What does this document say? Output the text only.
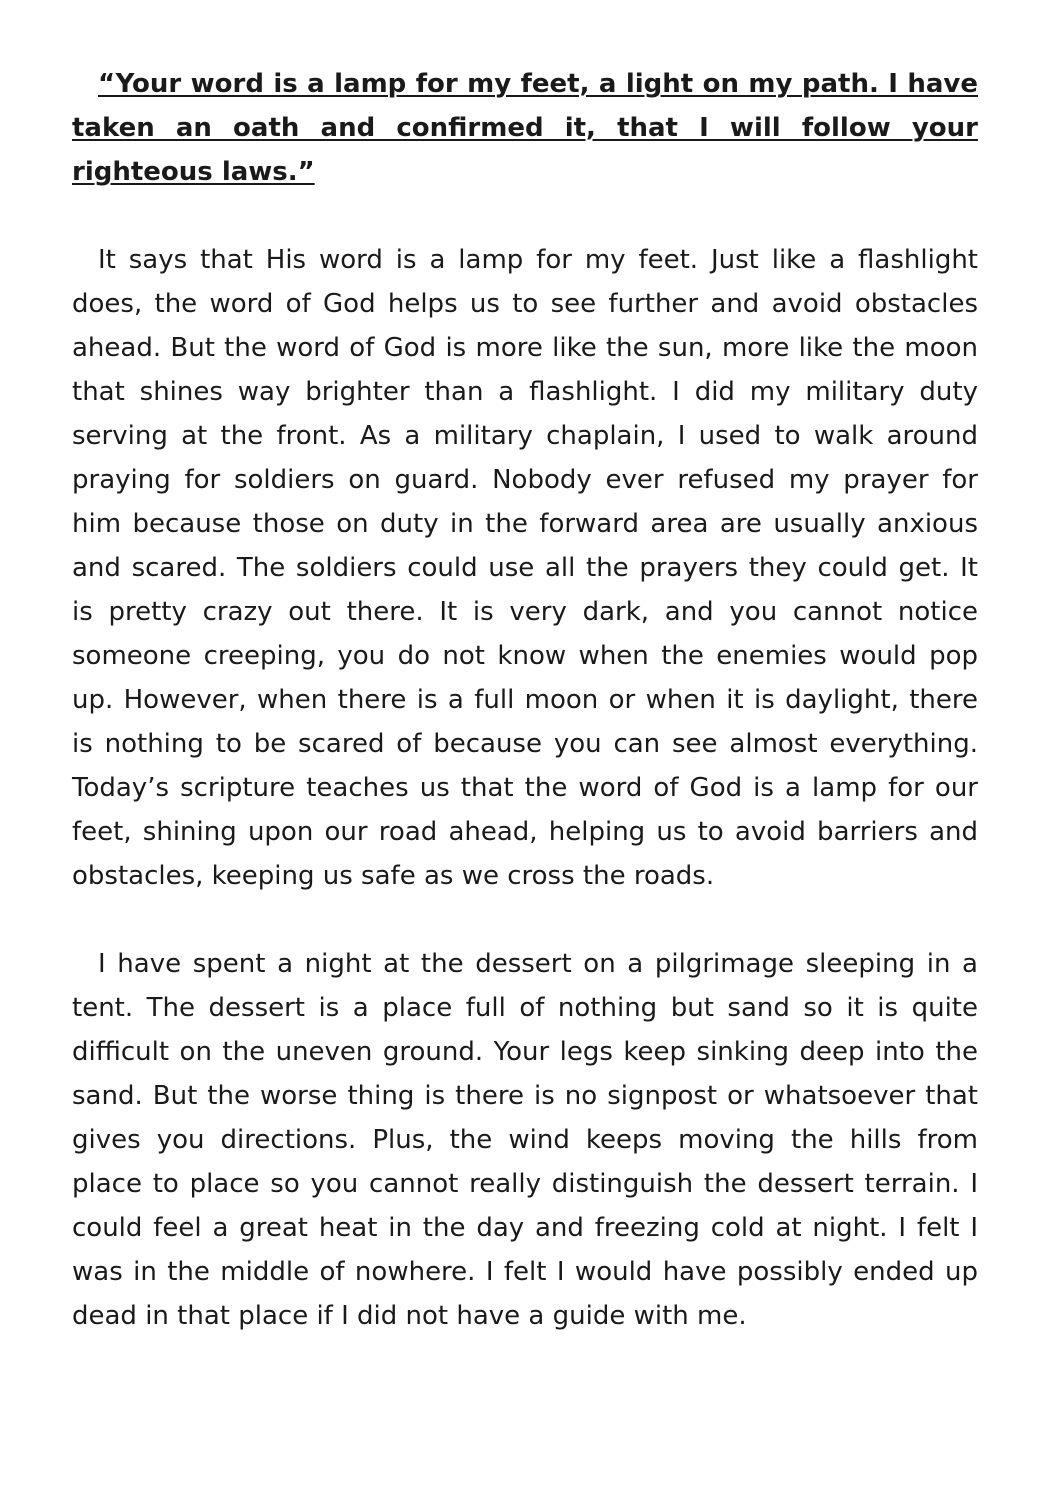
“Your word is a lamp for my feet, a light on my path. I have taken an oath and confirmed it, that I will follow your righteous laws.”

It says that His word is a lamp for my feet. Just like a flashlight does, the word of God helps us to see further and avoid obstacles ahead. But the word of God is more like the sun, more like the moon that shines way brighter than a flashlight. I did my military duty serving at the front. As a military chaplain, I used to walk around praying for soldiers on guard. Nobody ever refused my prayer for him because those on duty in the forward area are usually anxious and scared. The soldiers could use all the prayers they could get. It is pretty crazy out there. It is very dark, and you cannot notice someone creeping, you do not know when the enemies would pop up. However, when there is a full moon or when it is daylight, there is nothing to be scared of because you can see almost everything. Today’s scripture teaches us that the word of God is a lamp for our feet, shining upon our road ahead, helping us to avoid barriers and obstacles, keeping us safe as we cross the roads.

I have spent a night at the dessert on a pilgrimage sleeping in a tent. The dessert is a place full of nothing but sand so it is quite difficult on the uneven ground. Your legs keep sinking deep into the sand. But the worse thing is there is no signpost or whatsoever that gives you directions. Plus, the wind keeps moving the hills from place to place so you cannot really distinguish the dessert terrain. I could feel a great heat in the day and freezing cold at night. I felt I was in the middle of nowhere. I felt I would have possibly ended up dead in that place if I did not have a guide with me.
